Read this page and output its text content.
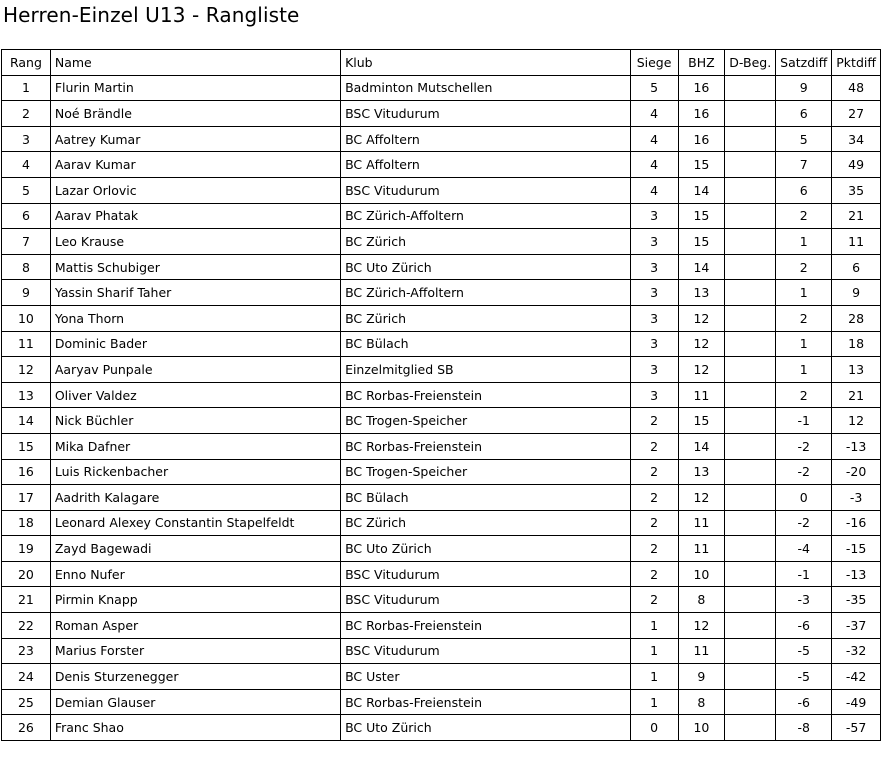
Herren-Einzel U13 - Rangliste
Rang	Name	Klub	Siege	BHZ	D-Beg.	Satzdiff	Pktdiff
1	Flurin Martin	Badminton Mutschellen	5	16		9	48
2	Noé Brändle	BSC Vitudurum	4	16		6	27
3	Aatrey Kumar	BC Affoltern	4	16		5	34
4	Aarav Kumar	BC Affoltern	4	15		7	49
5	Lazar Orlovic	BSC Vitudurum	4	14		6	35
6	Aarav Phatak	BC Zürich-Affoltern	3	15		2	21
7	Leo Krause	BC Zürich	3	15		1	11
8	Mattis Schubiger	BC Uto Zürich	3	14		2	6
9	Yassin Sharif Taher	BC Zürich-Affoltern	3	13		1	9
10	Yona Thorn	BC Zürich	3	12		2	28
11	Dominic Bader	BC Bülach	3	12		1	18
12	Aaryav Punpale	Einzelmitglied SB	3	12		1	13
13	Oliver Valdez	BC Rorbas-Freienstein	3	11		2	21
14	Nick Büchler	BC Trogen-Speicher	2	15		-1	12
15	Mika Dafner	BC Rorbas-Freienstein	2	14		-2	-13
16	Luis Rickenbacher	BC Trogen-Speicher	2	13		-2	-20
17	Aadrith Kalagare	BC Bülach	2	12		0	-3
18	Leonard Alexey Constantin Stapelfeldt	BC Zürich	2	11		-2	-16
19	Zayd Bagewadi	BC Uto Zürich	2	11		-4	-15
20	Enno Nufer	BSC Vitudurum	2	10		-1	-13
21	Pirmin Knapp	BSC Vitudurum	2	8		-3	-35
22	Roman Asper	BC Rorbas-Freienstein	1	12		-6	-37
23	Marius Forster	BSC Vitudurum	1	11		-5	-32
24	Denis Sturzenegger	BC Uster	1	9		-5	-42
25	Demian Glauser	BC Rorbas-Freienstein	1	8		-6	-49
26	Franc Shao	BC Uto Zürich	0	10		-8	-57
